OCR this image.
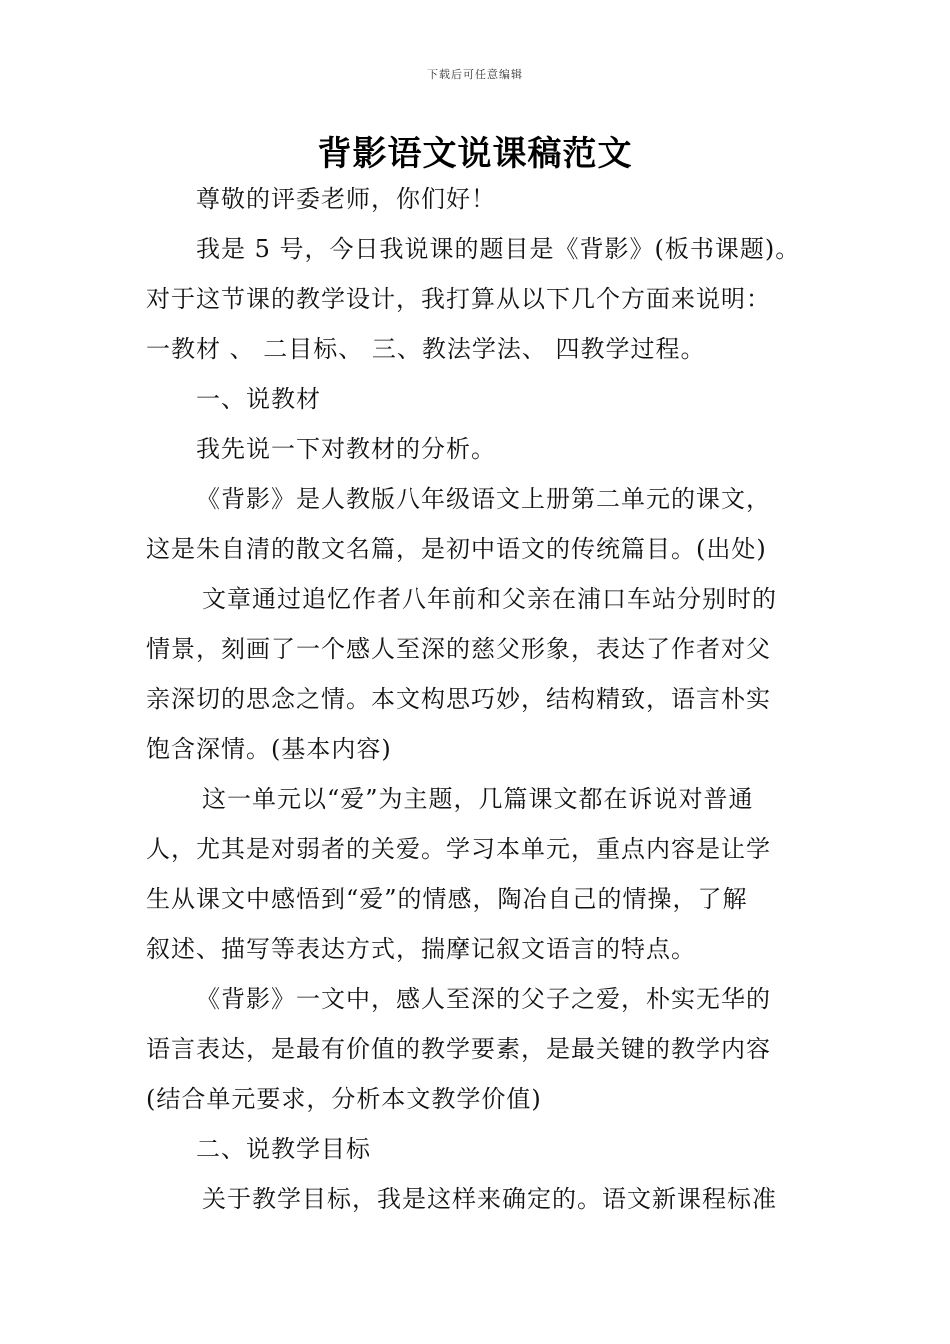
下载后可任意编辑
背影语文说课稿范文
尊敬的评委老师，你们好！
我是 5 号，今日我说课的题目是《背影》(板书课题)。
对于这节课的教学设计，我打算从以下几个方面来说明：
一教材 、 二目标、 三、教法学法、 四教学过程。
一、说教材
我先说一下对教材的分析。
《背影》是人教版八年级语文上册第二单元的课文，
这是朱自清的散文名篇，是初中语文的传统篇目。(出处)
文章通过追忆作者八年前和父亲在浦口车站分别时的
情景，刻画了一个感人至深的慈父形象，表达了作者对父
亲深切的思念之情。本文构思巧妙，结构精致，语言朴实
饱含深情。(基本内容)
这一单元以“爱”为主题，几篇课文都在诉说对普通
人，尤其是对弱者的关爱。学习本单元，重点内容是让学
生从课文中感悟到“爱”的情感，陶冶自己的情操，了解
叙述、描写等表达方式，揣摩记叙文语言的特点。
《背影》一文中，感人至深的父子之爱，朴实无华的
语言表达，是最有价值的教学要素，是最关键的教学内容
(结合单元要求，分析本文教学价值)
二、说教学目标
关于教学目标，我是这样来确定的。语文新课程标准
